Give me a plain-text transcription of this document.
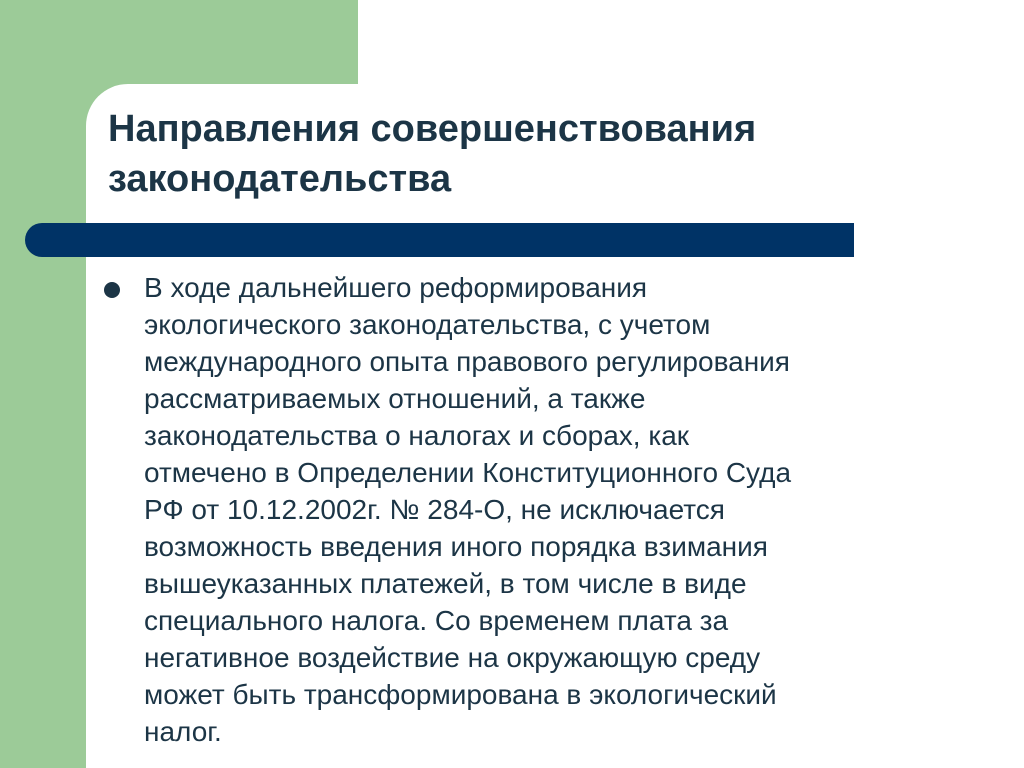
Направления совершенствования законодательства

В ходе дальнейшего реформирования
экологического законодательства, с учетом
международного опыта правового регулирования
рассматриваемых отношений, а также
законодательства о налогах и сборах, как
отмечено в Определении Конституционного Суда
РФ от 10.12.2002г. № 284-О, не исключается
возможность введения иного порядка взимания
вышеуказанных платежей, в том числе в виде
специального налога. Со временем плата за
негативное воздействие на окружающую среду
может быть трансформирована в экологический
налог.
